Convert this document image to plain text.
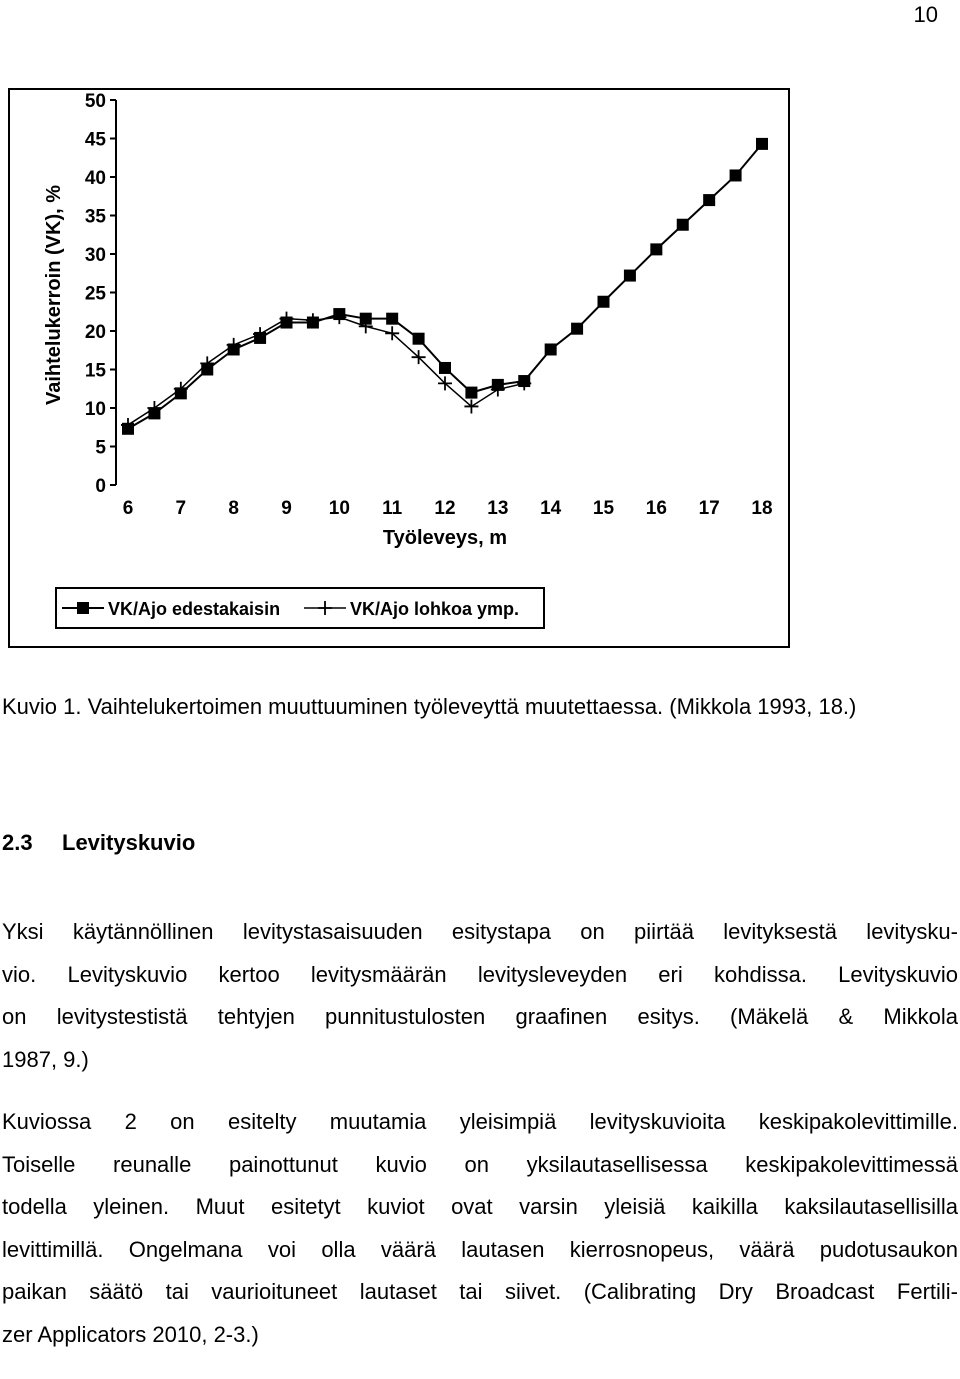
10
0
5
10
15
20
25
30
35
40
45
50
6 7 8 9 10 11 12 13 14 15 16 17 18
Työleveys, m
Vaihtelukerroin (VK), %
VK/Ajo edestakaisin	VK/Ajo lohkoa ymp.
Kuvio 1. Vaihtelukertoimen muuttuuminen työleveyttä muutettaessa. (Mikkola 1993, 18.)
2.3 Levityskuvio

Yksi käytännöllinen levitystasaisuuden esitystapa on piirtää levityksestä levitysku-
vio. Levityskuvio kertoo levitysmäärän levitysleveyden eri kohdissa. Levityskuvio
on levitystestistä tehtyjen punnitustulosten graafinen esitys. (Mäkelä & Mikkola
1987, 9.)

Kuviossa 2 on esitelty muutamia yleisimpiä levityskuvioita keskipakolevittimille.
Toiselle reunalle painottunut kuvio on yksilautasellisessa keskipakolevittimessä
todella yleinen. Muut esitetyt kuviot ovat varsin yleisiä kaikilla kaksilautasellisilla
levittimillä. Ongelmana voi olla väärä lautasen kierrosnopeus, väärä pudotusaukon
paikan säätö tai vaurioituneet lautaset tai siivet. (Calibrating Dry Broadcast Fertili-
zer Applicators 2010, 2-3.)
